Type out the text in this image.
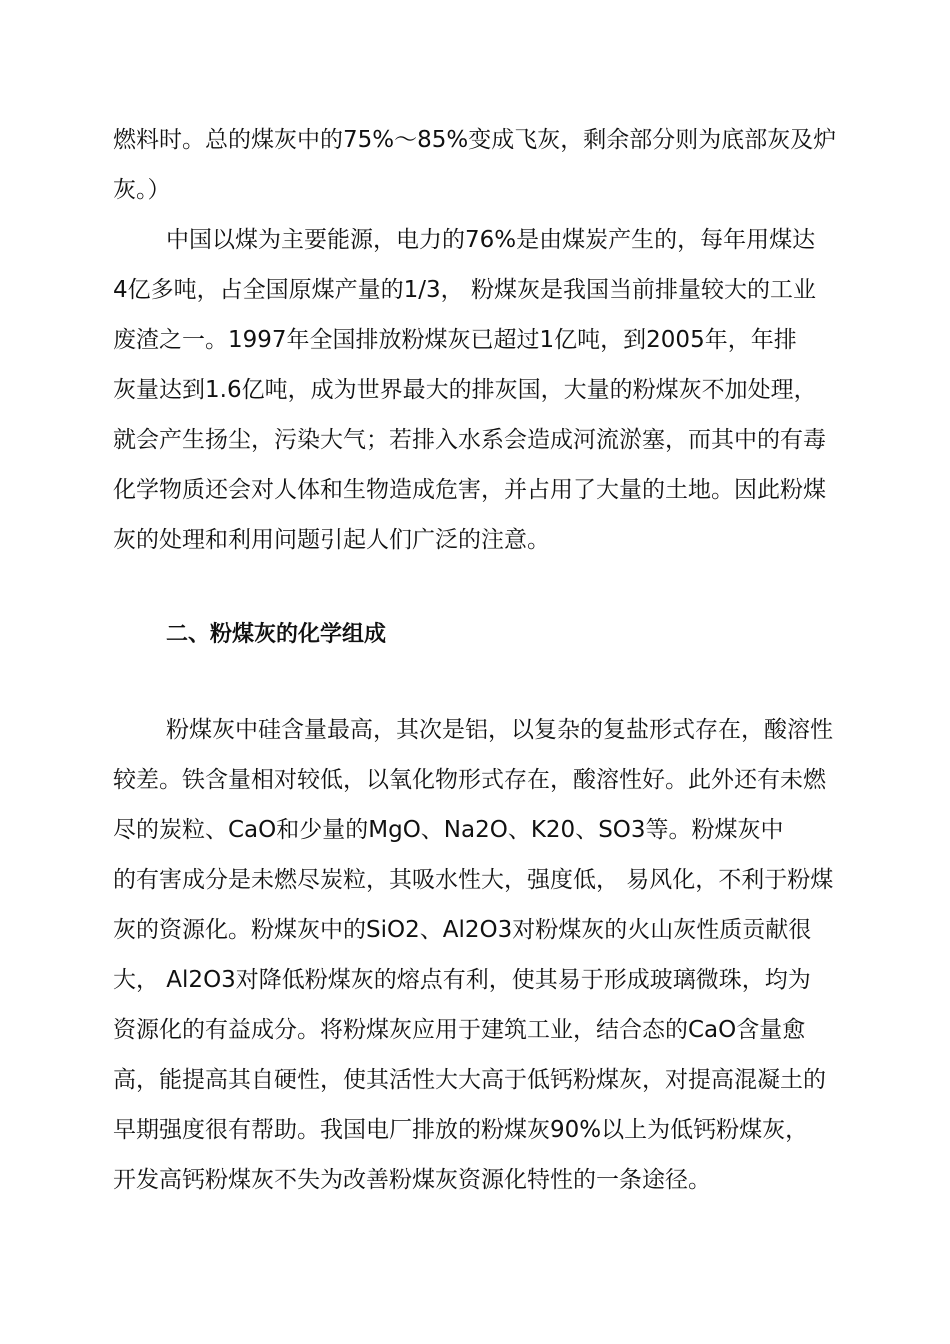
燃料时。总的煤灰中的75%～85%变成飞灰，剩余部分则为底部灰及炉
灰。）
中国以煤为主要能源，电力的76%是由煤炭产生的，每年用煤达
4亿多吨，占全国原煤产量的1/3， 粉煤灰是我国当前排量较大的工业
废渣之一。1997年全国排放粉煤灰已超过1亿吨，到2005年，年排
灰量达到1.6亿吨，成为世界最大的排灰国，大量的粉煤灰不加处理，
就会产生扬尘，污染大气；若排入水系会造成河流淤塞，而其中的有毒
化学物质还会对人体和生物造成危害，并占用了大量的土地。因此粉煤
灰的处理和利用问题引起人们广泛的注意。
二、粉煤灰的化学组成
粉煤灰中硅含量最高，其次是铝，以复杂的复盐形式存在，酸溶性
较差。铁含量相对较低，以氧化物形式存在，酸溶性好。此外还有未燃
尽的炭粒、CaO和少量的MgO、Na2O、K20、SO3等。粉煤灰中
的有害成分是未燃尽炭粒，其吸水性大，强度低， 易风化，不利于粉煤
灰的资源化。粉煤灰中的SiO2、Al2O3对粉煤灰的火山灰性质贡献很
大， Al2O3对降低粉煤灰的熔点有利，使其易于形成玻璃微珠，均为
资源化的有益成分。将粉煤灰应用于建筑工业，结合态的CaO含量愈
高，能提高其自硬性，使其活性大大高于低钙粉煤灰，对提高混凝土的
早期强度很有帮助。我国电厂排放的粉煤灰90%以上为低钙粉煤灰，
开发高钙粉煤灰不失为改善粉煤灰资源化特性的一条途径。
